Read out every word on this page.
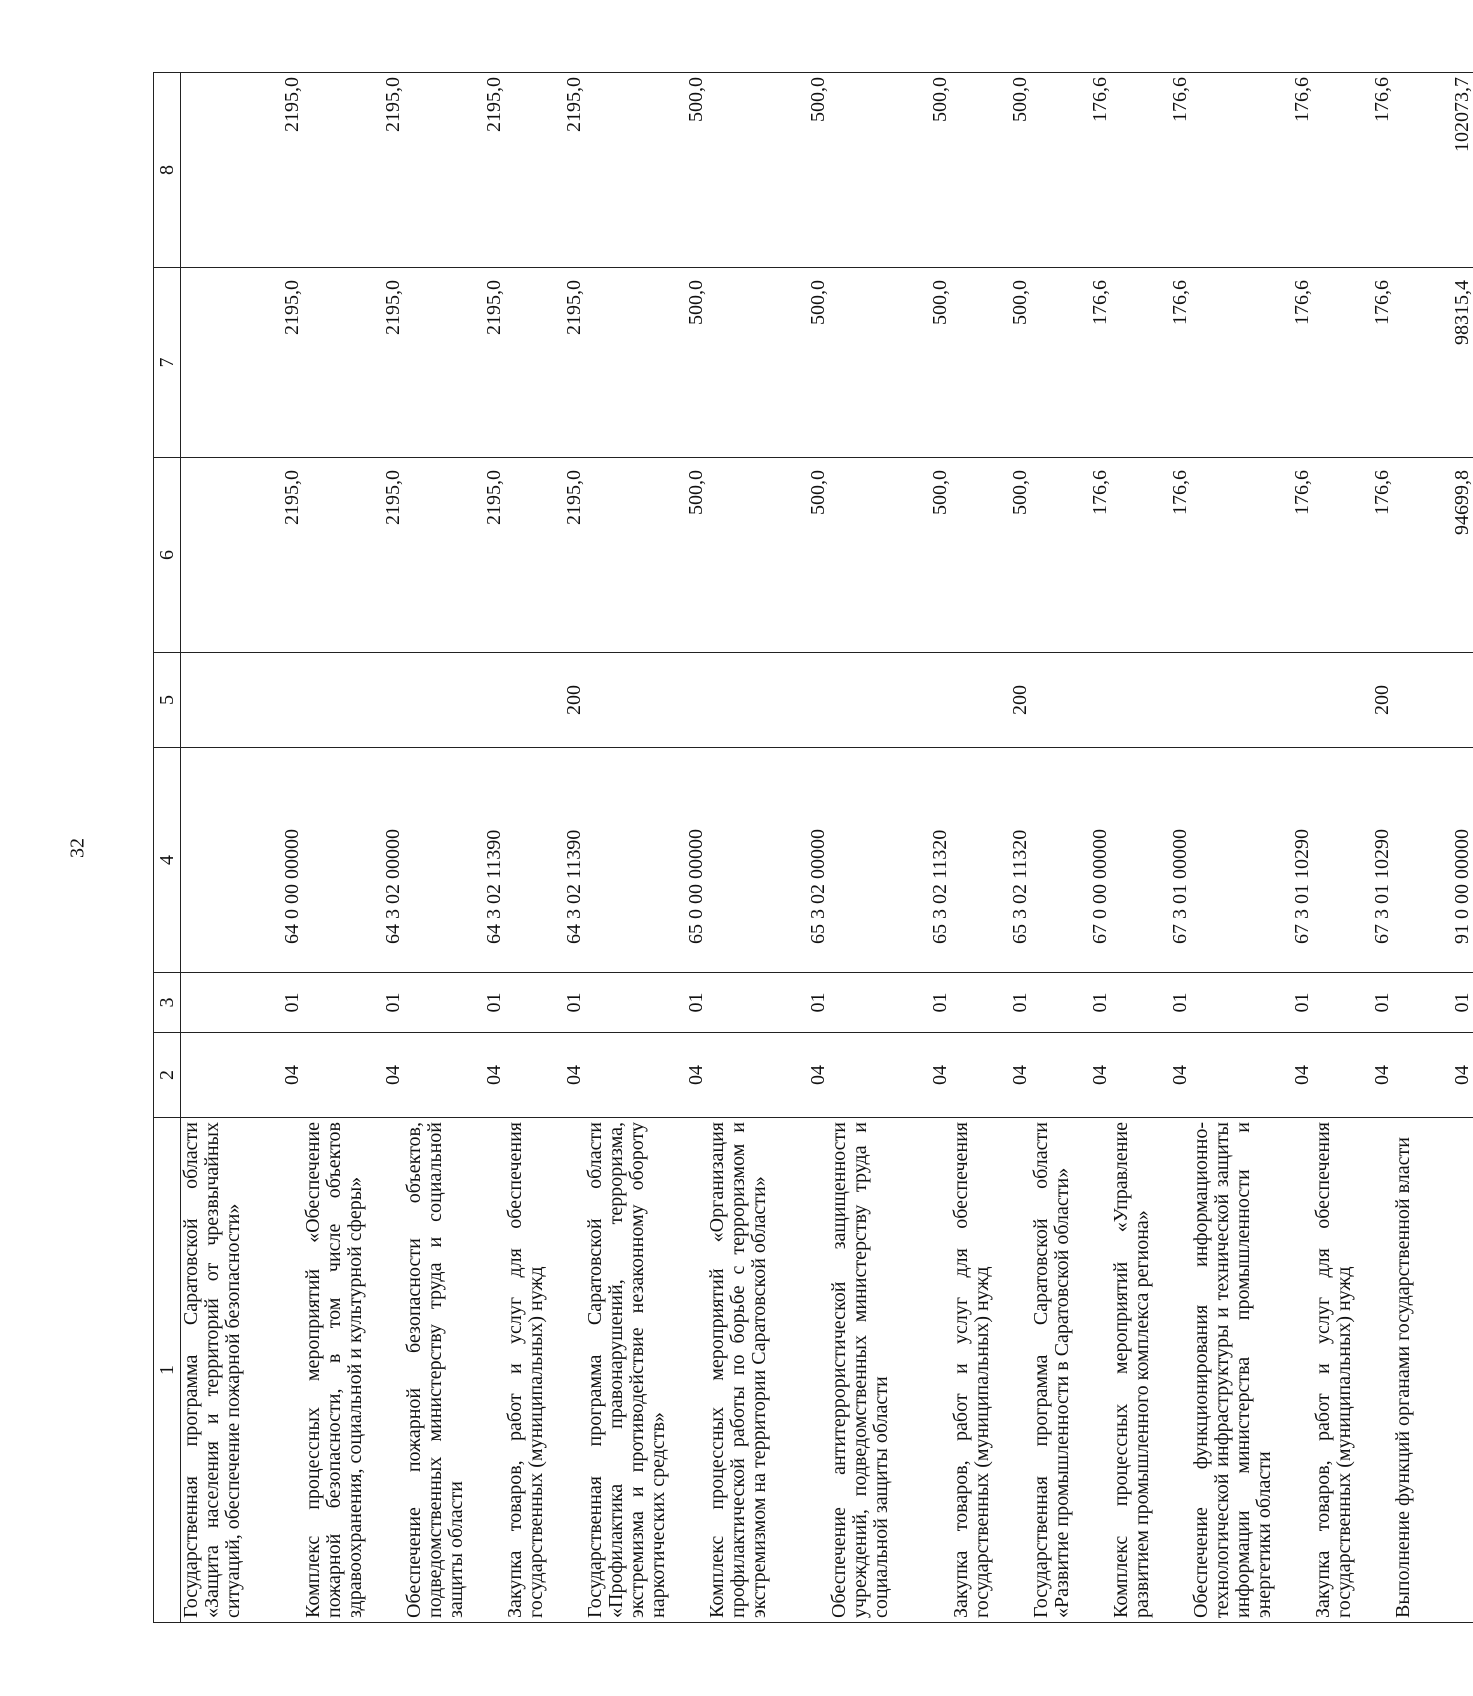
32
1	2	3	4	5	6	7	8
Государственная программа Саратовской области «Защита населения и территорий от чрезвычайных ситуаций, обеспечение пожарной безопасности»	04	01	64 0 00 00000		2195,0	2195,0	2195,0
Комплекс процессных мероприятий «Обеспечение пожарной безопасности, в том числе объектов здравоохранения, социальной и культурной сферы»	04	01	64 3 02 00000		2195,0	2195,0	2195,0
Обеспечение пожарной безопасности объектов, подведомственных министерству труда и социальной защиты области	04	01	64 3 02 11390		2195,0	2195,0	2195,0
Закупка товаров, работ и услуг для обеспечения государственных (муниципальных) нужд	04	01	64 3 02 11390	200	2195,0	2195,0	2195,0
Государственная программа Саратовской области «Профилактика правонарушений, терроризма, экстремизма и противодействие незаконному обороту наркотических средств»	04	01	65 0 00 00000		500,0	500,0	500,0
Комплекс процессных мероприятий «Организация профилактической работы по борьбе с терроризмом и экстремизмом на территории Саратовской области»	04	01	65 3 02 00000		500,0	500,0	500,0
Обеспечение антитеррористической защищенности учреждений, подведомственных министерству труда и социальной защиты области	04	01	65 3 02 11320		500,0	500,0	500,0
Закупка товаров, работ и услуг для обеспечения государственных (муниципальных) нужд	04	01	65 3 02 11320	200	500,0	500,0	500,0
Государственная программа Саратовской области «Развитие промышленности в Саратовской области»	04	01	67 0 00 00000		176,6	176,6	176,6
Комплекс процессных мероприятий «Управление развитием промышленного комплекса региона»	04	01	67 3 01 00000		176,6	176,6	176,6
Обеспечение функционирования информационно-технологической инфраструктуры и технической защиты информации министерства промышленности и энергетики области	04	01	67 3 01 10290		176,6	176,6	176,6
Закупка товаров, работ и услуг для обеспечения государственных (муниципальных) нужд	04	01	67 3 01 10290	200	176,6	176,6	176,6
Выполнение функций органами государственной власти	04	01	91 0 00 00000		94699,8	98315,4	102073,7
